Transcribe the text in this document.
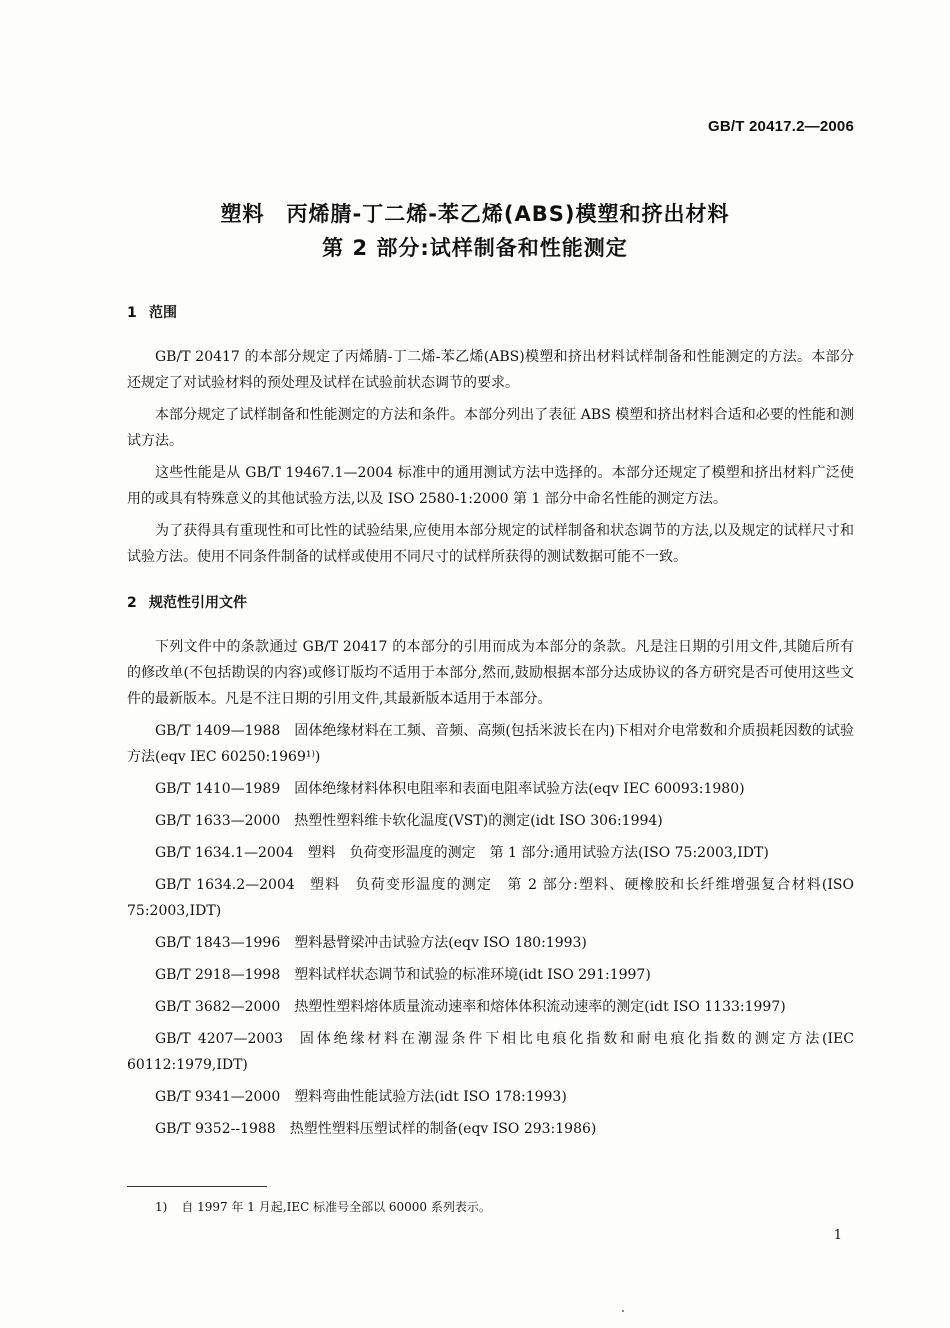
GB/T 20417.2—2006
塑料　丙烯腈-丁二烯-苯乙烯(ABS)模塑和挤出材料
第 2 部分:试样制备和性能测定
1 范围

GB/T 20417 的本部分规定了丙烯腈-丁二烯-苯乙烯(ABS)模塑和挤出材料试样制备和性能测定的方法。本部分还规定了对试验材料的预处理及试样在试验前状态调节的要求。

本部分规定了试样制备和性能测定的方法和条件。本部分列出了表征 ABS 模塑和挤出材料合适和必要的性能和测试方法。

这些性能是从 GB/T 19467.1—2004 标准中的通用测试方法中选择的。本部分还规定了模塑和挤出材料广泛使用的或具有特殊意义的其他试验方法,以及 ISO 2580-1:2000 第 1 部分中命名性能的测定方法。

为了获得具有重现性和可比性的试验结果,应使用本部分规定的试样制备和状态调节的方法,以及规定的试样尺寸和试验方法。使用不同条件制备的试样或使用不同尺寸的试样所获得的测试数据可能不一致。

2 规范性引用文件

下列文件中的条款通过 GB/T 20417 的本部分的引用而成为本部分的条款。凡是注日期的引用文件,其随后所有的修改单(不包括勘误的内容)或修订版均不适用于本部分,然而,鼓励根据本部分达成协议的各方研究是否可使用这些文件的最新版本。凡是不注日期的引用文件,其最新版本适用于本部分。

GB/T 1409—1988 固体绝缘材料在工频、音频、高频(包括米波长在内)下相对介电常数和介质损耗因数的试验方法(eqv IEC 60250:1969¹⁾)
GB/T 1410—1989 固体绝缘材料体积电阻率和表面电阻率试验方法(eqv IEC 60093:1980)
GB/T 1633—2000 热塑性塑料维卡软化温度(VST)的测定(idt ISO 306:1994)
GB/T 1634.1—2004 塑料　负荷变形温度的测定　第 1 部分:通用试验方法(ISO 75:2003,IDT)
GB/T 1634.2—2004 塑料　负荷变形温度的测定　第 2 部分:塑料、硬橡胶和长纤维增强复合材料(ISO 75:2003,IDT)
GB/T 1843—1996 塑料悬臂梁冲击试验方法(eqv ISO 180:1993)
GB/T 2918—1998 塑料试样状态调节和试验的标准环境(idt ISO 291:1997)
GB/T 3682—2000 热塑性塑料熔体质量流动速率和熔体体积流动速率的测定(idt ISO 1133:1997)
GB/T 4207—2003 固体绝缘材料在潮湿条件下相比电痕化指数和耐电痕化指数的测定方法(IEC 60112:1979,IDT)
GB/T 9341—2000 塑料弯曲性能试验方法(idt ISO 178:1993)
GB/T 9352--1988 热塑性塑料压塑试样的制备(eqv ISO 293:1986)
1) 自 1997 年 1 月起,IEC 标准号全部以 60000 系列表示。
1
